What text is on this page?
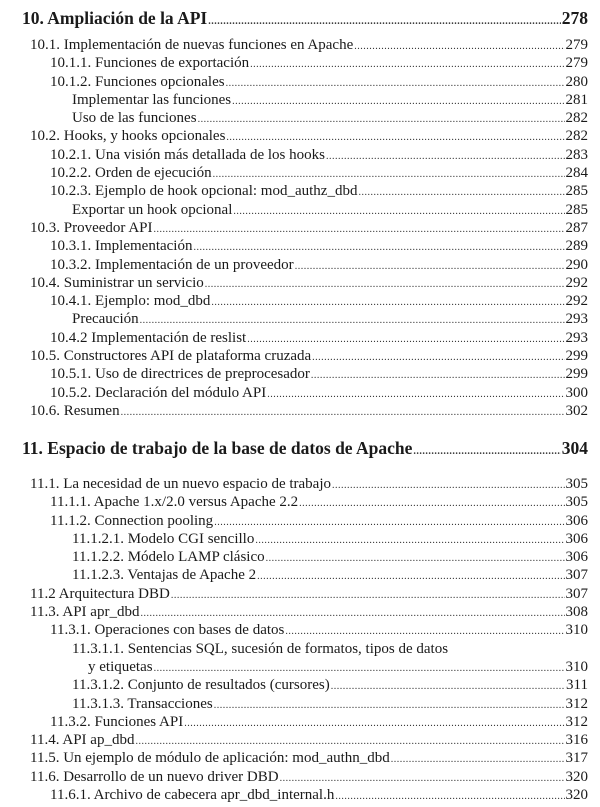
10. Ampliación de la API .....	278
10.1. Implementación de nuevas funciones en Apache .....	279
10.1.1. Funciones de exportación .....	279
10.1.2. Funciones opcionales .....	280
Implementar las funciones .....	281
Uso de las funciones .....	282
10.2. Hooks, y hooks opcionales .....	282
10.2.1. Una visión más detallada de los hooks .....	283
10.2.2. Orden de ejecución .....	284
10.2.3. Ejemplo de hook opcional: mod_authz_dbd .....	285
Exportar un hook opcional .....	285
10.3. Proveedor API .....	287
10.3.1. Implementación .....	289
10.3.2. Implementación de un proveedor .....	290
10.4. Suministrar un servicio .....	292
10.4.1. Ejemplo: mod_dbd .....	292
Precaución .....	293
10.4.2 Implementación de reslist .....	293
10.5. Constructores API de plataforma cruzada .....	299
10.5.1. Uso de directrices de preprocesador .....	299
10.5.2. Declaración del módulo API .....	300
10.6. Resumen .....	302
11. Espacio de trabajo de la base de datos de Apache .....	304
11.1. La necesidad de un nuevo espacio de trabajo .....	305
11.1.1. Apache 1.x/2.0 versus Apache 2.2 .....	305
11.1.2. Connection pooling .....	306
11.1.2.1. Modelo CGI sencillo .....	306
11.1.2.2. Módelo LAMP clásico .....	306
11.1.2.3. Ventajas de Apache 2 .....	307
11.2 Arquitectura DBD .....	307
11.3. API apr_dbd .....	308
11.3.1. Operaciones con bases de datos .....	310
11.3.1.1. Sentencias SQL, sucesión de formatos, tipos de datos
y etiquetas .....	310
11.3.1.2. Conjunto de resultados (cursores) .....	311
11.3.1.3. Transacciones .....	312
11.3.2. Funciones API .....	312
11.4. API ap_dbd .....	316
11.5. Un ejemplo de módulo de aplicación: mod_authn_dbd .....	317
11.6. Desarrollo de un nuevo driver DBD .....	320
11.6.1. Archivo de cabecera apr_dbd_internal.h .....	320
